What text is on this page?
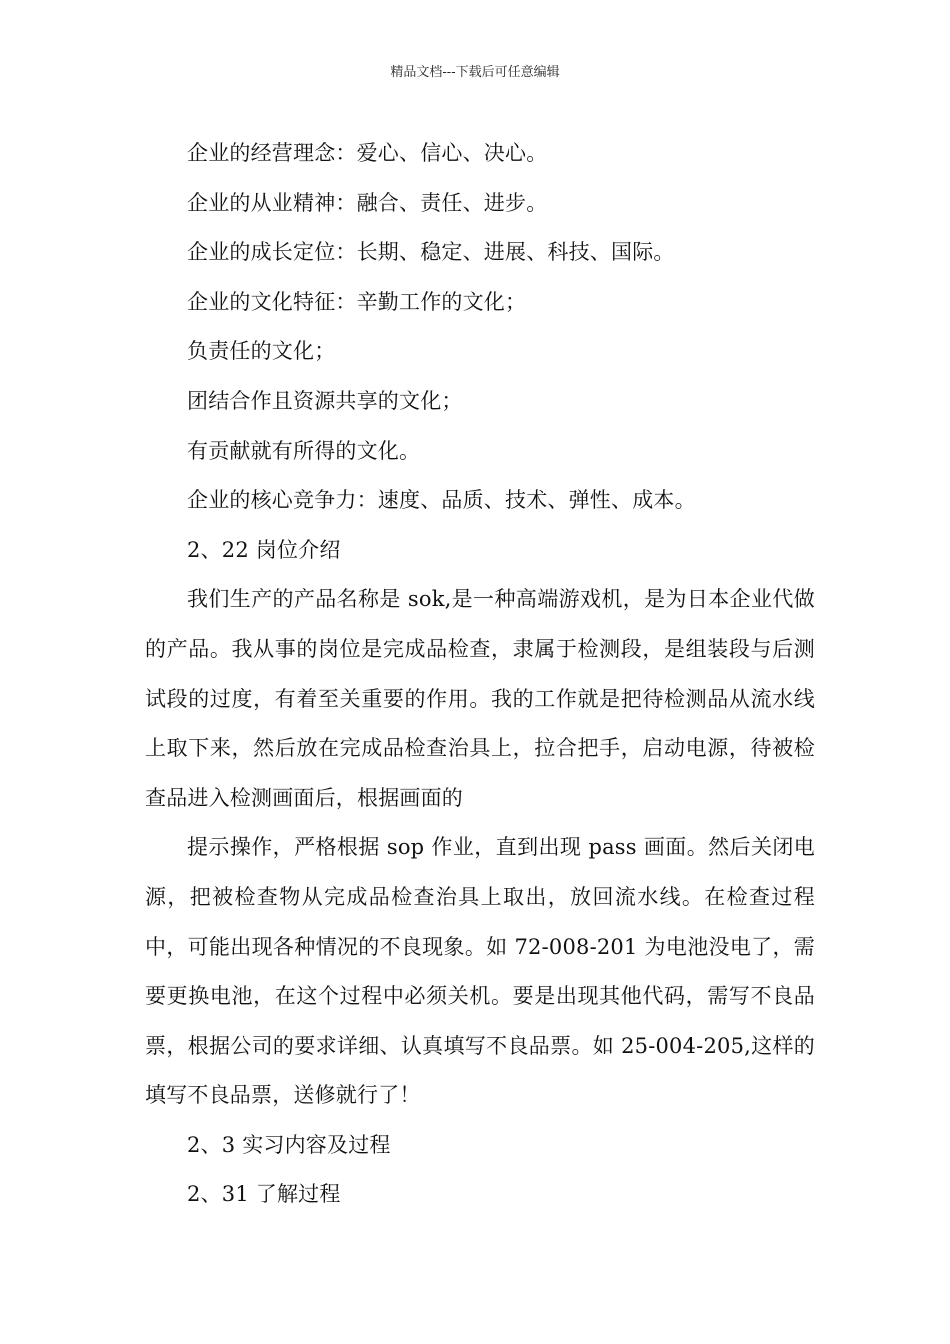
精品文档---下载后可任意编辑

企业的经营理念：爱心、信心、决心。

企业的从业精神：融合、责任、进步。

企业的成长定位：长期、稳定、进展、科技、国际。

企业的文化特征：辛勤工作的文化；

负责任的文化；

团结合作且资源共享的文化；

有贡献就有所得的文化。

企业的核心竞争力：速度、品质、技术、弹性、成本。

2、22 岗位介绍

我们生产的产品名称是 sok,是一种高端游戏机，是为日本企业代做的产品。我从事的岗位是完成品检查，隶属于检测段，是组装段与后测试段的过度，有着至关重要的作用。我的工作就是把待检测品从流水线上取下来，然后放在完成品检查治具上，拉合把手，启动电源，待被检查品进入检测画面后，根据画面的

提示操作，严格根据 sop 作业，直到出现 pass 画面。然后关闭电源，把被检查物从完成品检查治具上取出，放回流水线。在检查过程中，可能出现各种情况的不良现象。如 72-008-201 为电池没电了，需要更换电池，在这个过程中必须关机。要是出现其他代码，需写不良品票，根据公司的要求详细、认真填写不良品票。如 25-004-205,这样的填写不良品票，送修就行了！

2、3 实习内容及过程

2、31 了解过程
